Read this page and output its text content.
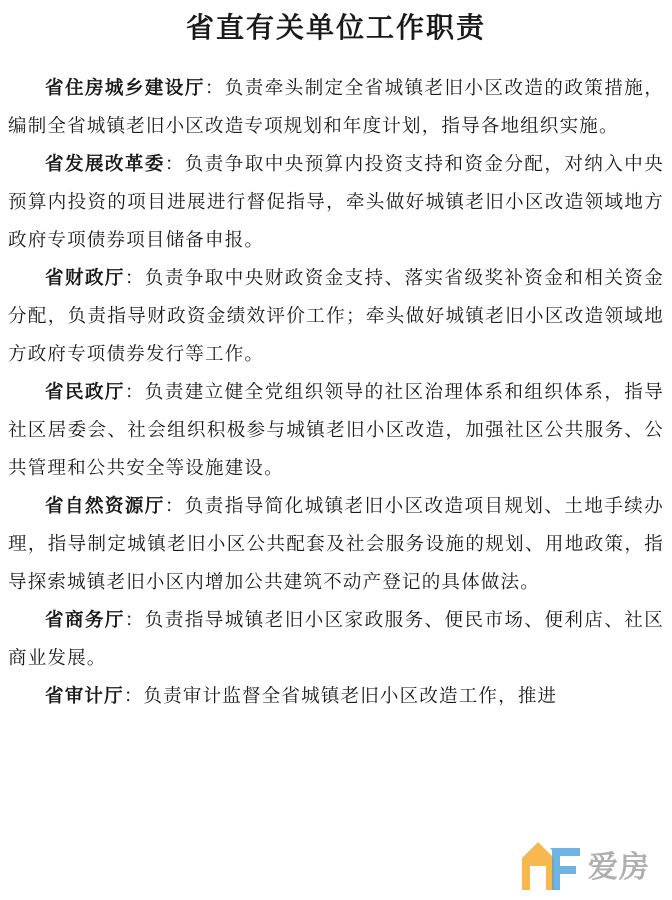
省直有关单位工作职责

省住房城乡建设厅：负责牵头制定全省城镇老旧小区改造的政策措施，编制全省城镇老旧小区改造专项规划和年度计划，指导各地组织实施。

省发展改革委：负责争取中央预算内投资支持和资金分配，对纳入中央预算内投资的项目进展进行督促指导，牵头做好城镇老旧小区改造领域地方政府专项债券项目储备申报。

省财政厅：负责争取中央财政资金支持、落实省级奖补资金和相关资金分配，负责指导财政资金绩效评价工作；牵头做好城镇老旧小区改造领域地方政府专项债券发行等工作。

省民政厅：负责建立健全党组织领导的社区治理体系和组织体系，指导社区居委会、社会组织积极参与城镇老旧小区改造，加强社区公共服务、公共管理和公共安全等设施建设。

省自然资源厅：负责指导简化城镇老旧小区改造项目规划、土地手续办理，指导制定城镇老旧小区公共配套及社会服务设施的规划、用地政策，指导探索城镇老旧小区内增加公共建筑不动产登记的具体做法。

省商务厅：负责指导城镇老旧小区家政服务、便民市场、便利店、社区商业发展。

省审计厅：负责审计监督全省城镇老旧小区改造工作，推进

爱房
